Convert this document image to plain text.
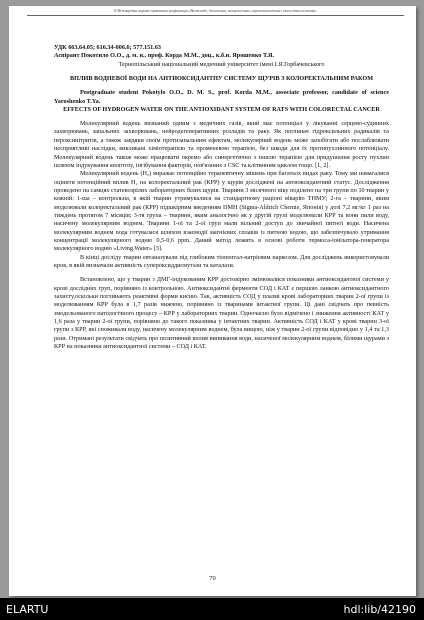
ІІ Міжнародна науково-практична конференція «Вплив води, біологічних, технологічних, агротехнологічних і екологічних аспектів»

УДК 663.64.05; 616.34-006.6; 577.151.63

Аспірант Покотило О.О., д. м. н., проф. Корда М.М., доц., к.б.н. Ярошенко Т.Я.

Тернопільський національний медичний університет імені І.Я.Горбачевського

ВПЛИВ ВОДНЕВОЇ ВОДИ НА АНТИОКСИДАНТНУ СИСТЕМУ ЩУРІВ З КОЛОРЕКТАЛЬНИМ РАКОМ

Postgraduate student Pokotylo O.O., D. M. S., prof. Korda M.M., associate professor, candidate of science Yaroshenko T.Ya.

EFFECTS OF HYDROGEN WATER ON THE ANTIOXIDANT SYSTEM OF RATS WITH COLORECTAL CANCER

Молекулярний водень визнаний одним з медичних газів, який має потенціал у лікуванні серцево-судинних захворювань, запальних захворювань, нейродегенеративних розладів та раку. Як поглинач гідроксильних радикалів та пероксинітритів, а також завдяки своїм протизапальним ефектам, молекулярний водень може запобігати або послаблювати несприятливі наслідки, викликані хіміотерапією та променевою терапією, без шкоди для їх протипухлинного потенціалу. Молекулярний водень також може працювати окремо або синергетично з іншою терапією для придушення росту пухлин шляхом індукування апоптозу, інгібування факторів, пов'язаних з CSC та клітинним циклом тощо. [1, 2].

Молекулярний водень (H₂) виражає потенційно терапевтичну мішень при багатьох видах раку. Тому ми намагалися оцінити потенційний вплив H₂ на колоректальний рак (КРР) у щурів досліджені на антиоксидантний статус. Дослідження проведено на самцях статевозрілих лабораторних білих щурів. Тварини 3 місячного віку поділено на три групи по 10 тварин у кожній: 1-ша – контрольна, в якій тварин утримувалися на стандартному раціоні віварію ТНМУ; 2-га – тварини, яким моделювали колоректальний рак (КРР) підшкірним введенням DMH (Sigma-Aldrich Chemie, Японія) у дозі 7,2 мг/кг 1 раз на тиждень протягом 7 місяців; 3-тя група – тварини, яким аналогічно як у другій групі моделювали КРР та вони пили воду, насичену молекулярним воднем. Тварини 1-ої та 2-ої груп мали вільний доступ до звичайної питної води. Насичена молекулярним воднем вода готувалася шляхом взаємодії магнієвих сплавів із питною водою, що забезпечувало утримання концентрації молекулярного водню 0,5-0,6 ppm. Даний метод лежить в основі роботи термоса-іонізатора-генератора молекулярного водню «Living Water» [3].

В кінці досліду тварин евтаназували під глибоким тіопентал-натрієвим наркозом. Для досліджень використовували кров, в якій визначали активність супероксиддисмутази та каталази.

Встановлено, що у тварин з ДМГ-індукованим КРР достовірно змінювалися показники антиоксидантної системи у крові дослідних груп, порівняно із контрольною. Антиоксидантні ферменти СОД і КАТ є першою ланкою антиоксидантного захисту,оскільки поглинають реактивні форми кисню. Так, активність СОД у плазмі крові лабораторних тварин 2-ої групи із моделюванням КРР була в 1,7 разів нижчою, порівняно із тваринами інтактної групи. Ці дані свідчать про певність змодельованого патологічного процесу – КРР у лабораторних тварин. Одночасно було відмічено і зниження активності КАТ у 1,6 раза у тварин 2-ої групи, порівняно до такого показника у інтактних тварин. Активність СОД і КАТ у крові тварин 3-ої групи з КРР, які споживали воду, насичену молекулярним воднем, була вищою, ніж у тварин 2-ої групи відповідно у 1,4 та 1,3 рази. Отримані результати свідчать про позитивний вплив випивання води, насиченої молекулярним воднем, білими щурами з КРР на показники антиоксидантної системи – СОД і КАТ.

70
ELARTU	hdl:lib/42190
